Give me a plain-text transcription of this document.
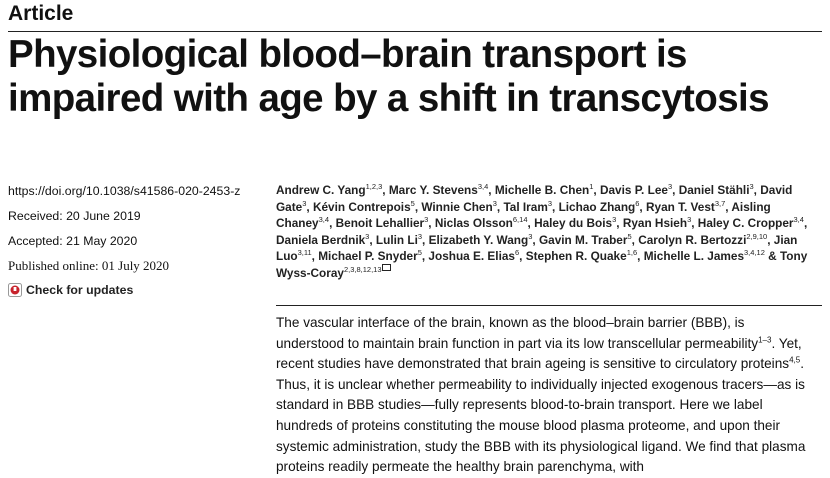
Article
Physiological blood–brain transport is impaired with age by a shift in transcytosis
https://doi.org/10.1038/s41586-020-2453-z
Received: 20 June 2019
Accepted: 21 May 2020
Published online: 01 July 2020
Check for updates
Andrew C. Yang$^{1,2,3}$, Marc Y. Stevens$^{3,4}$, Michelle B. Chen$^1$, Davis P. Lee$^3$, Daniel Stähli$^3$, David Gate$^3$, Kévin Contrepois$^5$, Winnie Chen$^3$, Tal Iram$^3$, Lichao Zhang$^6$, Ryan T. Vest$^{3,7}$, Aisling Chaney$^{3,4}$, Benoit Lehallier$^3$, Niclas Olsson$^{6,14}$, Haley du Bois$^3$, Ryan Hsieh$^3$, Haley C. Cropper$^{3,4}$, Daniela Berdnik$^3$, Lulin Li$^3$, Elizabeth Y. Wang$^3$, Gavin M. Traber$^5$, Carolyn R. Bertozzi$^{2,9,10}$, Jian Luo$^{3,11}$, Michael P. Snyder$^5$, Joshua E. Elias$^6$, Stephen R. Quake$^{1,6}$, Michelle L. James$^{3,4,12}$ & Tony Wyss-Coray$^{2,3,8,12,13}$

The vascular interface of the brain, known as the blood–brain barrier (BBB), is understood to maintain brain function in part via its low transcellular permeability$^{1-3}$. Yet, recent studies have demonstrated that brain ageing is sensitive to circulatory proteins$^{4,5}$. Thus, it is unclear whether permeability to individually injected exogenous tracers—as is standard in BBB studies—fully represents blood-to-brain transport. Here we label hundreds of proteins constituting the mouse blood plasma proteome, and upon their systemic administration, study the BBB with its physiological ligand. We find that plasma proteins readily permeate the healthy brain parenchyma, with
